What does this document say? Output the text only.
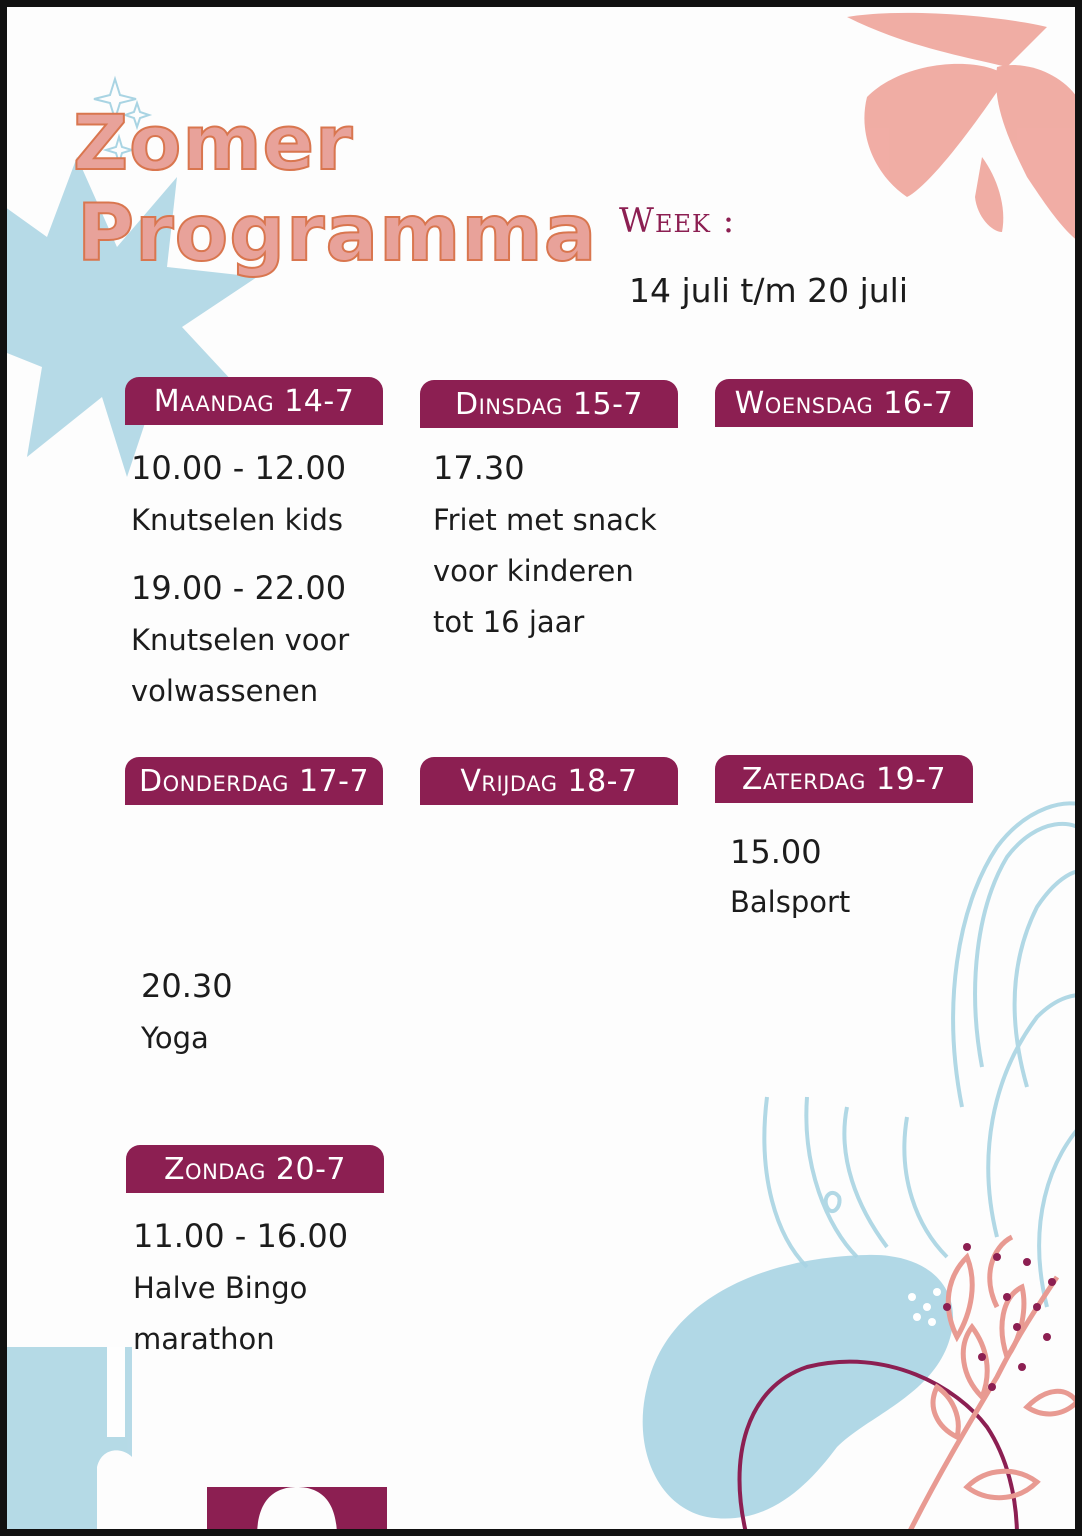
Zomer
Programma Week :
14 juli t/m 20 juli
Maandag 14-7

10.00 - 12.00

Knutselen kids

19.00 - 22.00

Knutselen voor

volwassenen

Dinsdag 15-7

17.30

Friet met snack

voor kinderen

tot 16 jaar

Woensdag 16-7
Donderdag 17-7

20.30

Yoga

Vrijdag 18-7	Zaterdag 19-7

15.00

Balsport

Zondag 20-7

11.00 - 16.00

Halve Bingo

marathon
